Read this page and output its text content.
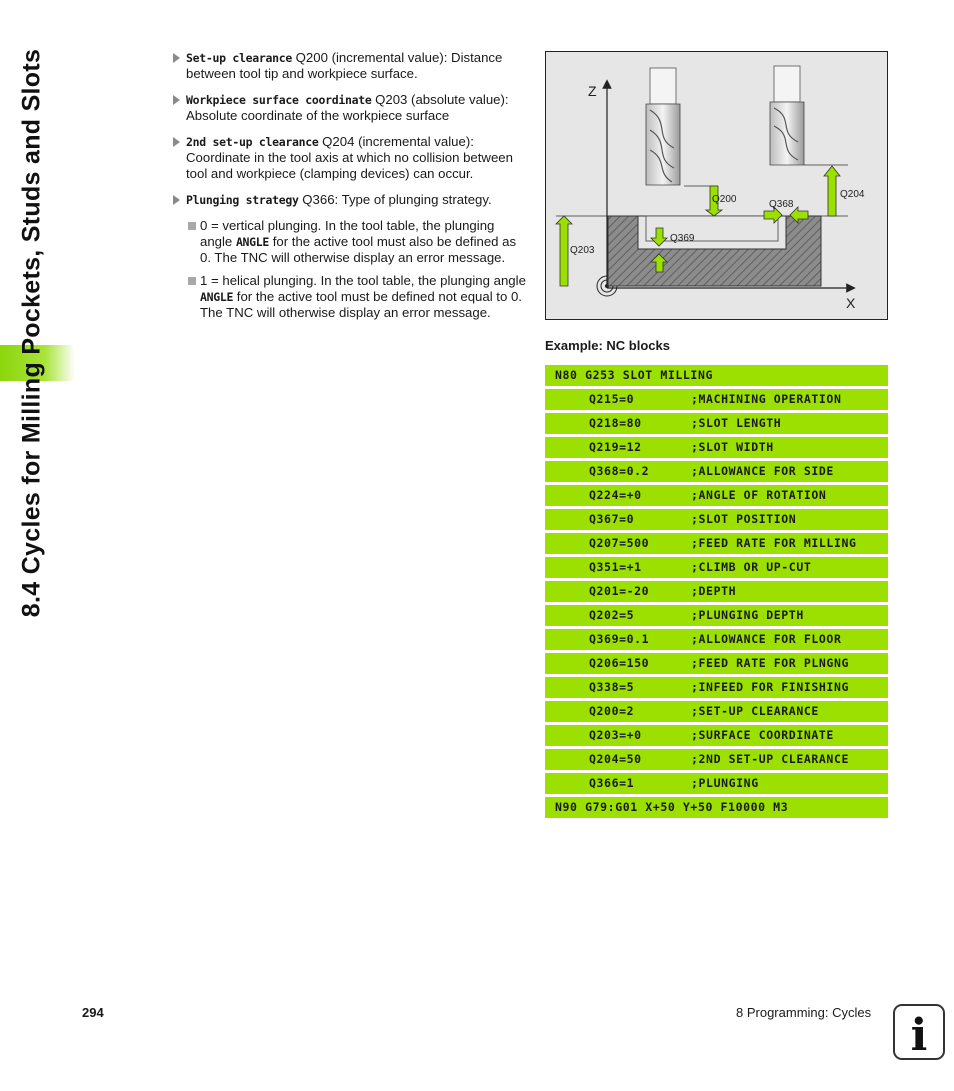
8.4 Cycles for Milling Pockets, Studs and Slots	Set-up clearance Q200 (incremental value): Distance between tool tip and workpiece surface.
Workpiece surface coordinate Q203 (absolute value): Absolute coordinate of the workpiece surface
2nd set-up clearance Q204 (incremental value): Coordinate in the tool axis at which no collision between tool and workpiece (clamping devices) can occur.
Plunging strategy Q366: Type of plunging strategy.
0 = vertical plunging. In the tool table, the plunging angle ANGLE for the active tool must also be defined as 0. The TNC will otherwise display an error message.
1 = helical plunging. In the tool table, the plunging angle ANGLE for the active tool must be defined not equal to 0. The TNC will otherwise display an error message.
Z
X
Q200	Q368
Q204
Q369
Q203
Example: NC blocks
N80 G253 SLOT MILLING
Q215=0	;MACHINING OPERATION
Q218=80	;SLOT LENGTH
Q219=12	;SLOT WIDTH
Q368=0.2	;ALLOWANCE FOR SIDE
Q224=+0	;ANGLE OF ROTATION
Q367=0	;SLOT POSITION
Q207=500	;FEED RATE FOR MILLING
Q351=+1	;CLIMB OR UP-CUT
Q201=-20	;DEPTH
Q202=5	;PLUNGING DEPTH
Q369=0.1	;ALLOWANCE FOR FLOOR
Q206=150	;FEED RATE FOR PLNGNG
Q338=5	;INFEED FOR FINISHING
Q200=2	;SET-UP CLEARANCE
Q203=+0	;SURFACE COORDINATE
Q204=50	;2ND SET-UP CLEARANCE
Q366=1	;PLUNGING
N90 G79:G01 X+50 Y+50 F10000 M3
294	8 Programming: Cycles i
